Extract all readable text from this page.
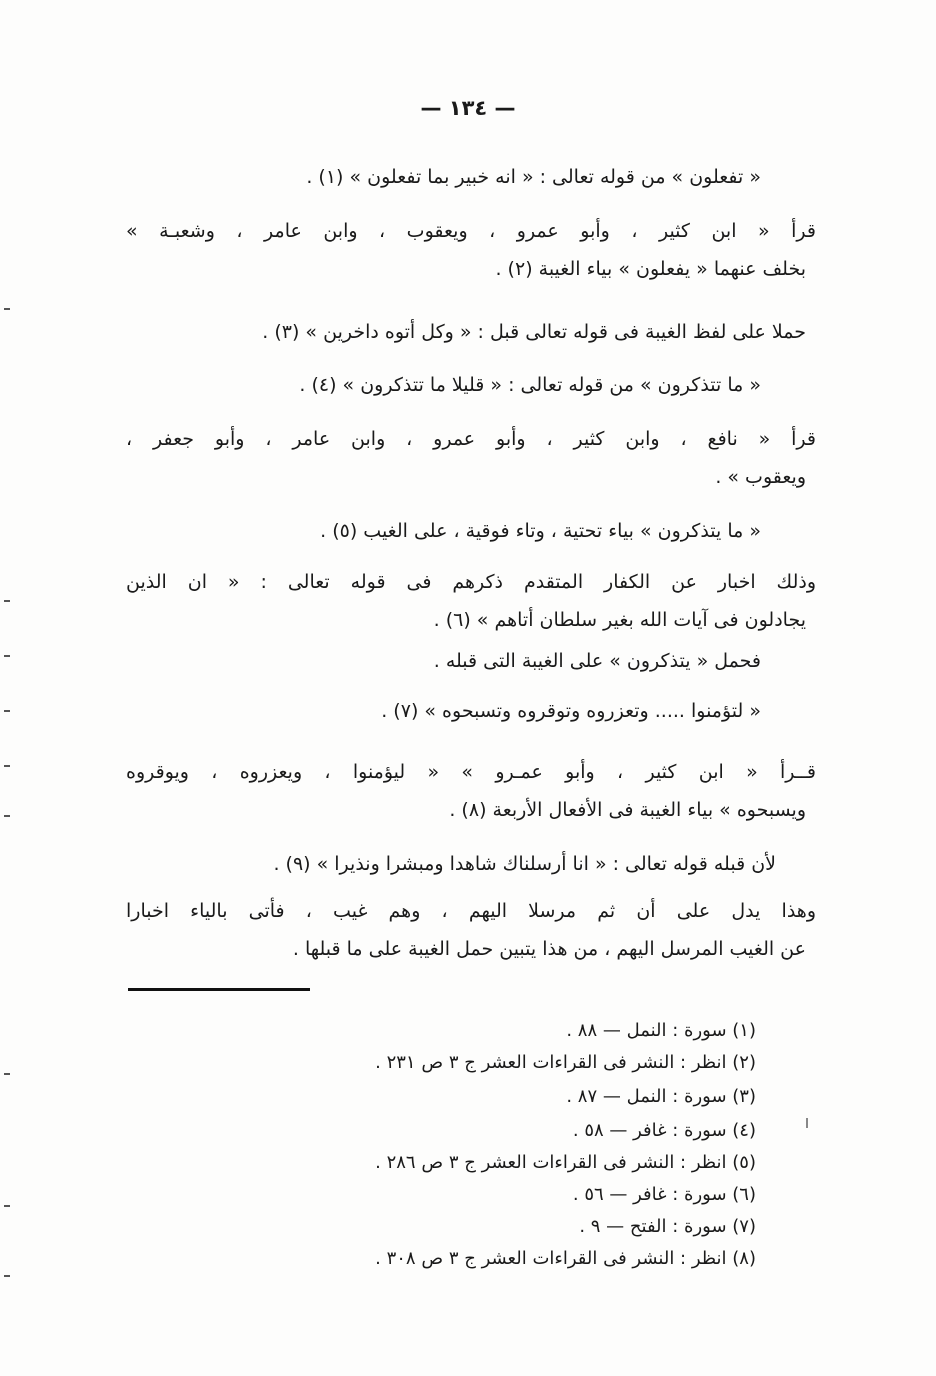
— ١٣٤ —
« تفعلون » من قوله تعالى : « انه خبير بما تفعلون » (١) .
قرأ « ابن كثير ، وأبو عمرو ، ويعقوب ، وابن عامر ، وشعبـة »
بخلف عنهما « يفعلون » بياء الغيبة (٢) .
حملا على لفظ الغيبة فى قوله تعالى قبل : « وكل أتوه داخرين » (٣) .
« ما تتذكرون » من قوله تعالى : « قليلا ما تتذكرون » (٤) .
قرأ « نافع ، وابن كثير ، وأبو عمرو ، وابن عامر ، وأبو جعفر ،
ويعقوب » .
« ما يتذكرون » بياء تحتية ، وتاء فوقية ، على الغيب (٥) .
وذلك اخبار عن الكفار المتقدم ذكرهم فى قوله تعالى : « ان الذين
يجادلون فى آيات الله بغير سلطان أتاهم » (٦) .
فحمل « يتذكرون » على الغيبة التى قبله .
« لتؤمنوا ..... وتعزروه وتوقروه وتسبحوه » (٧) .
قــرأ « ابن كثير ، وأبو عمـرو » « ليؤمنوا ، ويعزروه ، ويوقروه
ويسبحوه » بياء الغيبة فى الأفعال الأربعة (٨) .
لأن قبله قوله تعالى : « انا أرسلناك شاهدا ومبشرا ونذيرا » (٩) .
وهذا يدل على أن ثم مرسلا اليهم ، وهم غيب ، فأتى بالياء اخبارا
عن الغيب المرسل اليهم ، من هذا يتبين حمل الغيبة على ما قبلها .
(١) سورة : النمل — ٨٨ .
(٢) انظر : النشر فى القراءات العشر ج ٣ ص ٢٣١ .
(٣) سورة : النمل — ٨٧ .
(٤) سورة : غافر — ٥٨ .
(٥) انظر : النشر فى القراءات العشر ج ٣ ص ٢٨٦ .
(٦) سورة : غافر — ٥٦ .
(٧) سورة : الفتح — ٩ .
(٨) انظر : النشر فى القراءات العشر ج ٣ ص ٣٠٨ .
